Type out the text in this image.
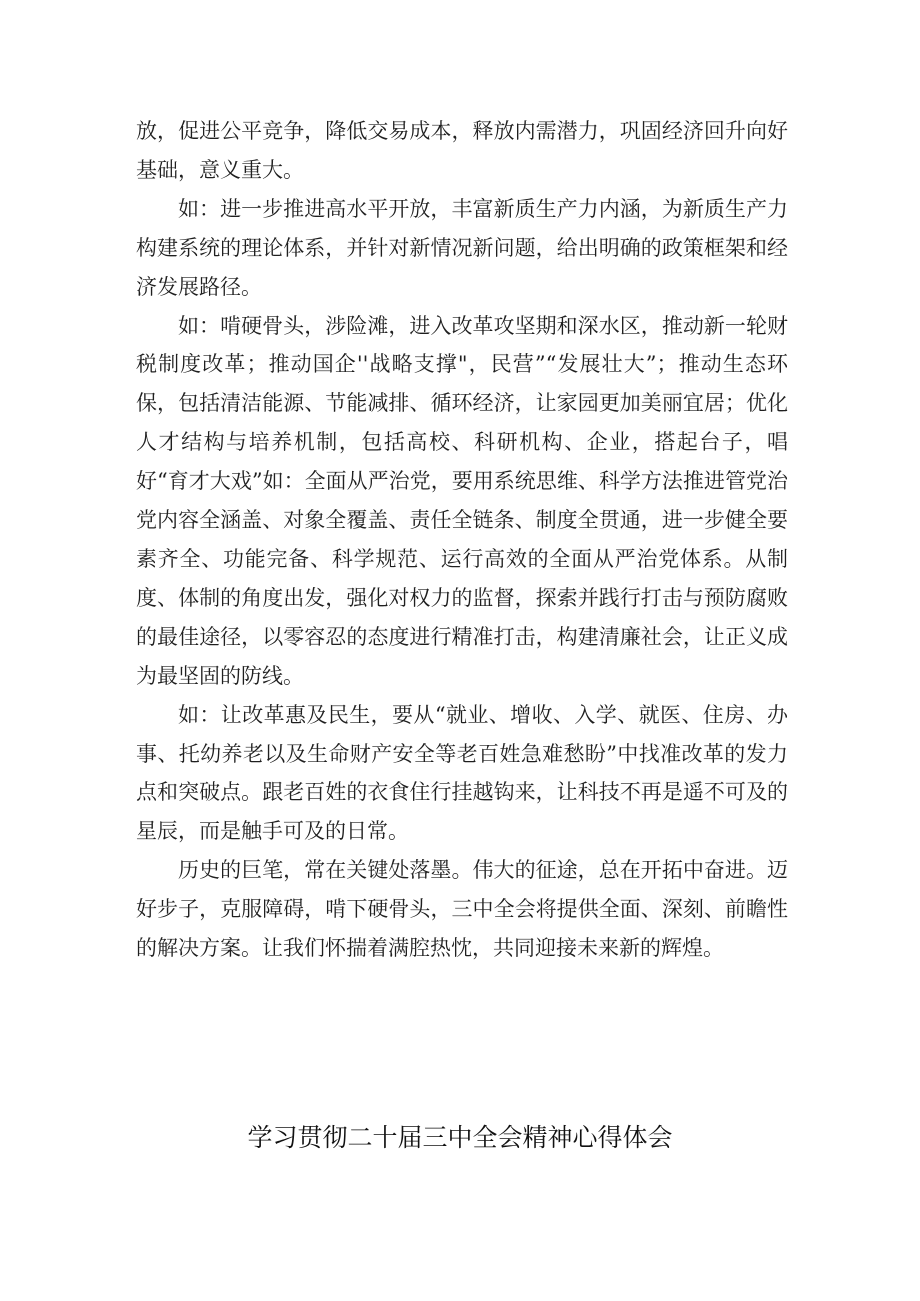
放，促进公平竞争，降低交易成本，释放内需潜力，巩固经济回升向好基础，意义重大。

如：进一步推进高水平开放，丰富新质生产力内涵，为新质生产力构建系统的理论体系，并针对新情况新问题，给出明确的政策框架和经济发展路径。

如：啃硬骨头，涉险滩，进入改革攻坚期和深水区，推动新一轮财税制度改革；推动国企''战略支撑"，民营”“发展壮大”；推动生态环保，包括清洁能源、节能减排、循环经济，让家园更加美丽宜居；优化人才结构与培养机制，包括高校、科研机构、企业，搭起台子，唱好“育才大戏”如：全面从严治党，要用系统思维、科学方法推进管党治党内容全涵盖、对象全覆盖、责任全链条、制度全贯通，进一步健全要素齐全、功能完备、科学规范、运行高效的全面从严治党体系。从制度、体制的角度出发，强化对权力的监督，探索并践行打击与预防腐败的最佳途径，以零容忍的态度进行精准打击，构建清廉社会，让正义成为最坚固的防线。

如：让改革惠及民生，要从“就业、增收、入学、就医、住房、办事、托幼养老以及生命财产安全等老百姓急难愁盼”中找准改革的发力点和突破点。跟老百姓的衣食住行挂越钩来，让科技不再是遥不可及的星辰，而是触手可及的日常。

历史的巨笔，常在关键处落墨。伟大的征途，总在开拓中奋进。迈好步子，克服障碍，啃下硬骨头，三中全会将提供全面、深刻、前瞻性的解决方案。让我们怀揣着满腔热忱，共同迎接未来新的辉煌。

学习贯彻二十届三中全会精神心得体会
